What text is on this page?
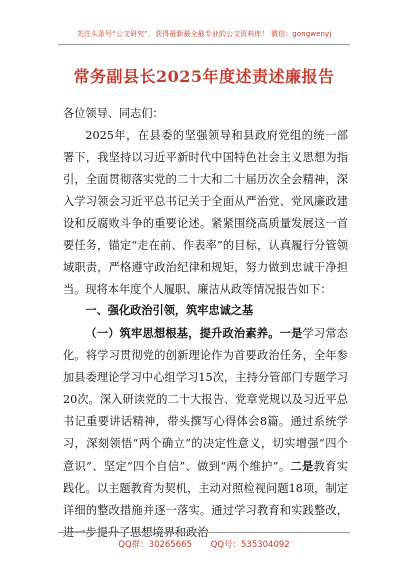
关注头条号“公文研究”，获得最新最全最专业的公文资料库！ 微信：gongwenyj
常务副县长2025年度述责述廉报告
各位领导、同志们：
2025年，在县委的坚强领导和县政府党组的统一部署下，我坚持以习近平新时代中国特色社会主义思想为指引，全面贯彻落实党的二十大和二十届历次全会精神，深入学习领会习近平总书记关于全面从严治党、党风廉政建设和反腐败斗争的重要论述。紧紧围绕高质量发展这一首要任务，锚定“走在前、作表率”的目标，认真履行分管领域职责，严格遵守政治纪律和规矩，努力做到忠诚干净担当。现将本年度个人履职、廉洁从政等情况报告如下：
一、强化政治引领，筑牢忠诚之基
（一）筑牢思想根基，提升政治素养。一是学习常态化。将学习贯彻党的创新理论作为首要政治任务，全年参加县委理论学习中心组学习15次，主持分管部门专题学习20次。深入研读党的二十大报告、党章党规以及习近平总书记重要讲话精神，带头撰写心得体会8篇。通过系统学习，深刻领悟“两个确立”的决定性意义，切实增强“四个意识”、坚定“四个自信”、做到“两个维护”。二是教育实践化。以主题教育为契机，主动对照检视问题18项，制定详细的整改措施并逐一落实。通过学习教育和实践整改，进一步提升了思想境界和政治
QQ群：30265665 QQ号：535304092
